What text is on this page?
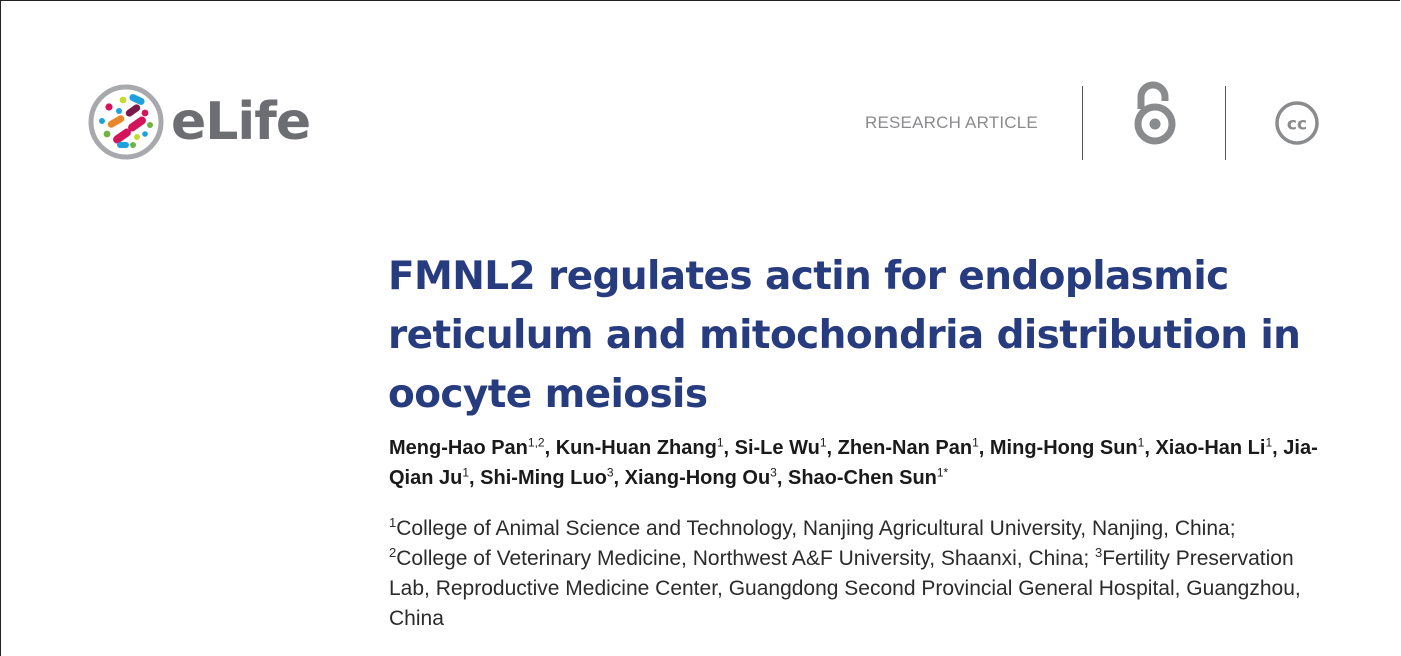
eLife	RESEARCH ARTICLE	cc
FMNL2 regulates actin for endoplasmic reticulum and mitochondria distribution in oocyte meiosis
Meng-Hao Pan$^{1,2}$, Kun-Huan Zhang$^1$, Si-Le Wu$^1$, Zhen-Nan Pan$^1$, Ming-Hong Sun$^1$, Xiao-Han Li$^1$, Jia-Qian Ju$^1$, Shi-Ming Luo$^3$, Xiang-Hong Ou$^3$, Shao-Chen Sun$^{1*}$
$^1$College of Animal Science and Technology, Nanjing Agricultural University, Nanjing, China; $^2$College of Veterinary Medicine, Northwest A&F University, Shaanxi, China; $^3$Fertility Preservation Lab, Reproductive Medicine Center, Guangdong Second Provincial General Hospital, Guangzhou, China
